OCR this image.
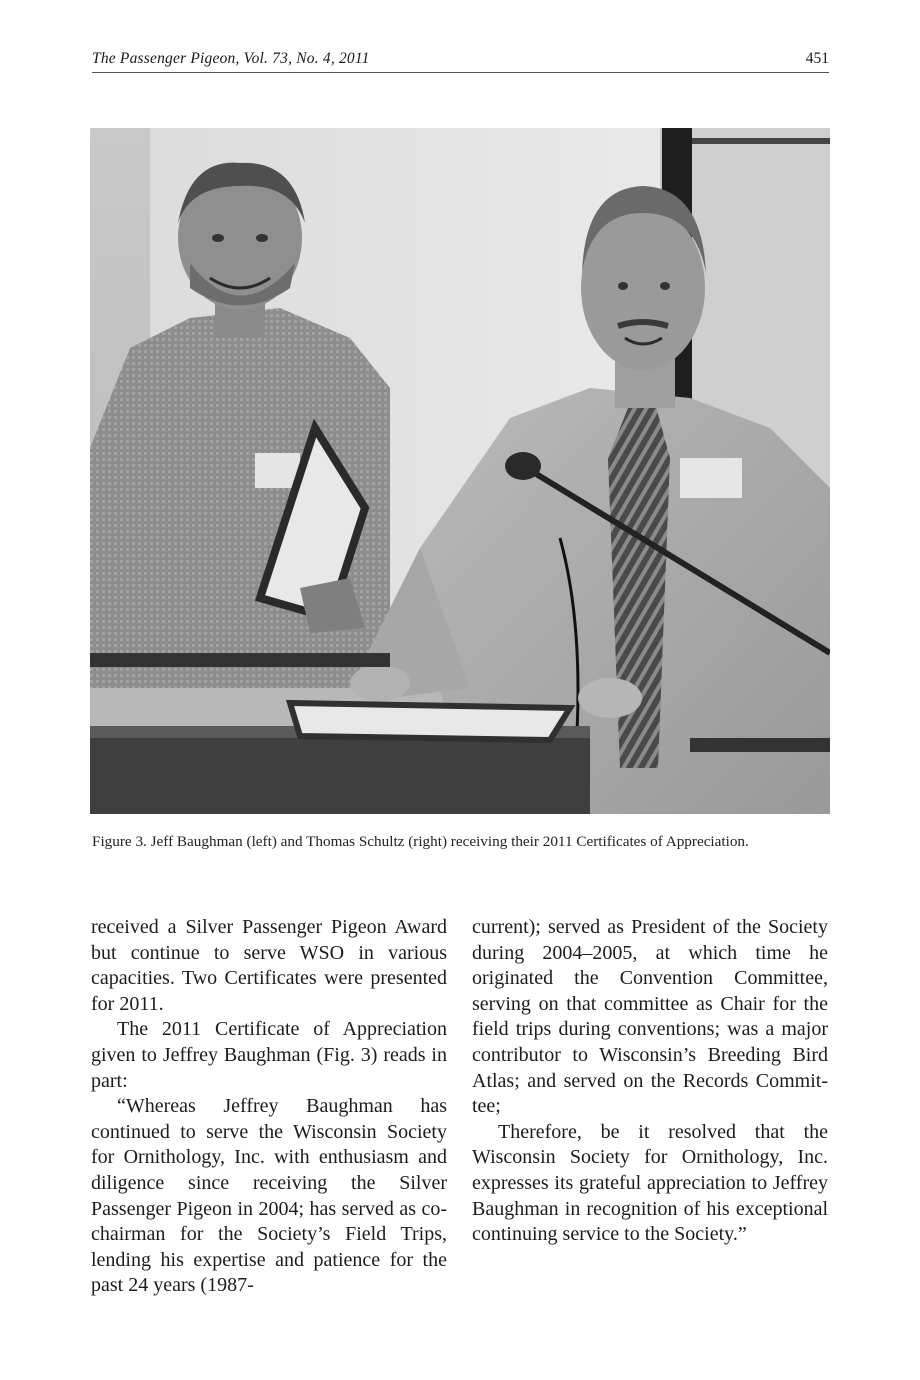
The Passenger Pigeon, Vol. 73, No. 4, 2011	451
Figure 3. Jeff Baughman (left) and Thomas Schultz (right) receiving their 2011 Certificates of Appreciation.

received a Silver Passenger Pigeon Award but continue to serve WSO in various capacities. Two Certificates were presented for 2011.

The 2011 Certificate of Appreciation given to Jeffrey Baughman (Fig. 3) reads in part:

“Whereas Jeffrey Baughman has continued to serve the Wisconsin Society for Ornithology, Inc. with enthusiasm and diligence since receiving the Silver Passenger Pigeon in 2004; has served as co-chairman for the Society’s Field Trips, lending his expertise and patience for the past 24 years (1987-

current); served as President of the Society during 2004–2005, at which time he originated the Convention Committee, serving on that committee as Chair for the field trips during conventions; was a major contributor to Wisconsin’s Breeding Bird Atlas; and served on the Records Committee;

Therefore, be it resolved that the Wisconsin Society for Ornithology, Inc. expresses its grateful appreciation to Jeffrey Baughman in recognition of his exceptional continuing service to the Society.”
